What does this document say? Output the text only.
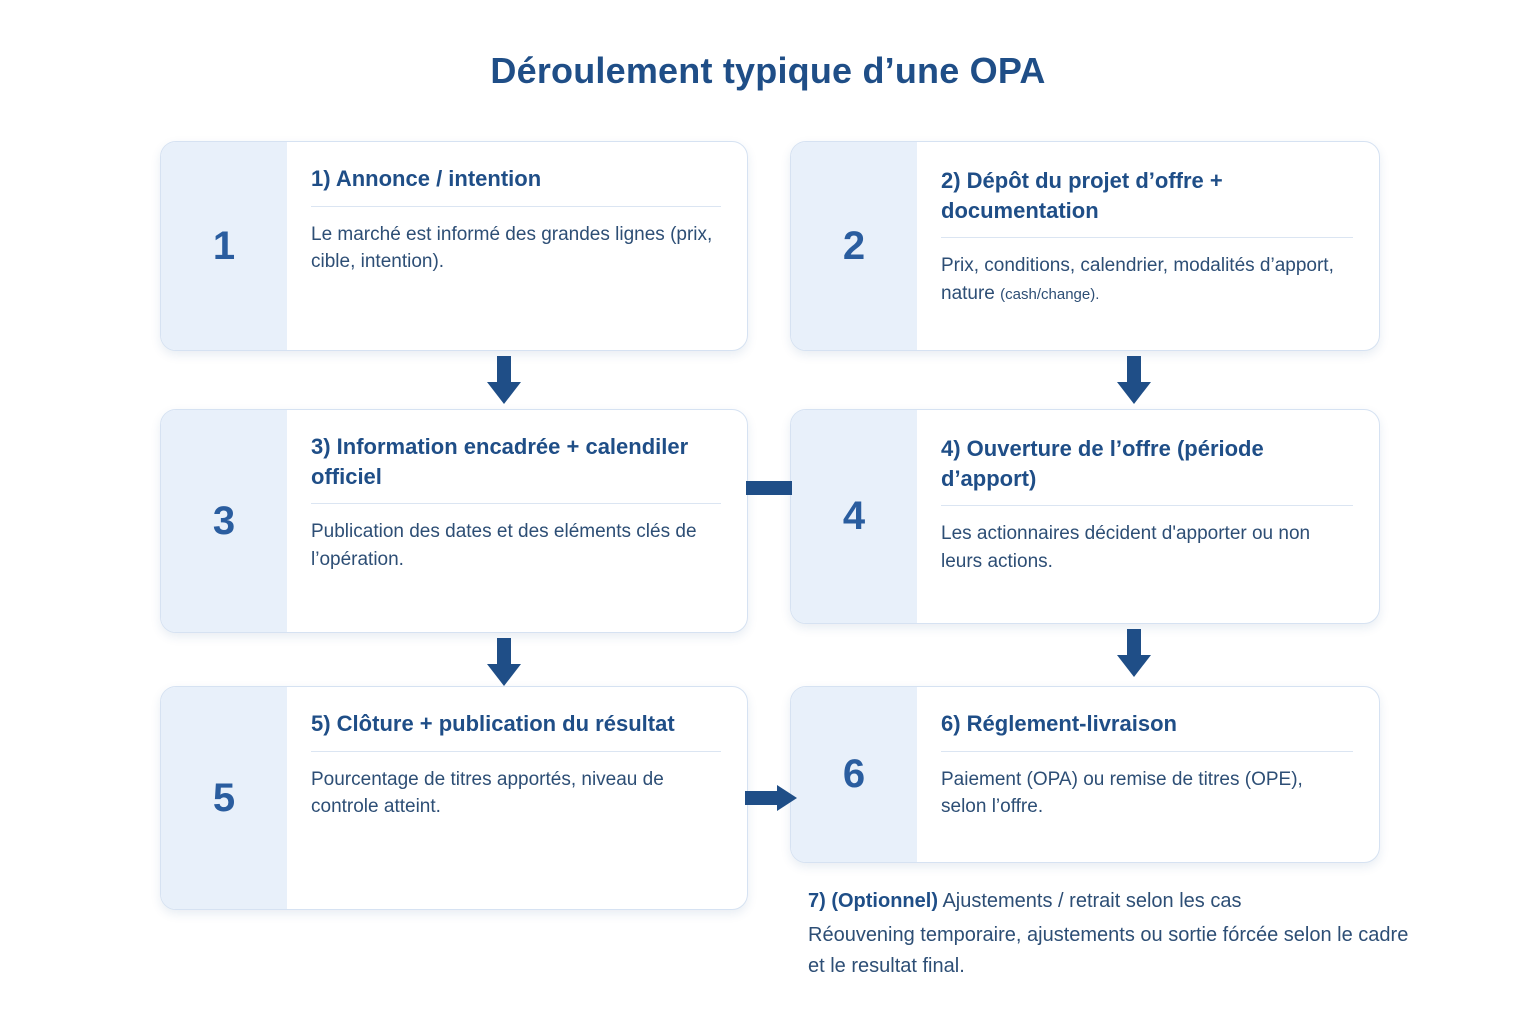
Déroulement typique d’une OPA
1
1) Annonce / intention
Le marché est informé des grandes lignes (prix, cible, intention).	2
2) Dépôt du projet d’offre + documentation
Prix, conditions, calendrier, modalités d’apport, nature (cash/change).
3
3) Information encadrée + calendiler officiel
Publication des dates et des eléments clés de l’opération.
4
4) Ouverture de l’offre (période d’apport)
Les actionnaires décident d'apporter ou non leurs actions.
5
5) Clôture + publication du résultat
Pourcentage de titres apportés, niveau de controle atteint.
6
6) Réglement-livraison
Paiement (OPA) ou remise de titres (OPE), selon l’offre.
7) (Optionnel) Ajustements / retrait selon les cas
Réouvening temporaire, ajustements ou sortie fórcée selon le cadre et le resultat final.
